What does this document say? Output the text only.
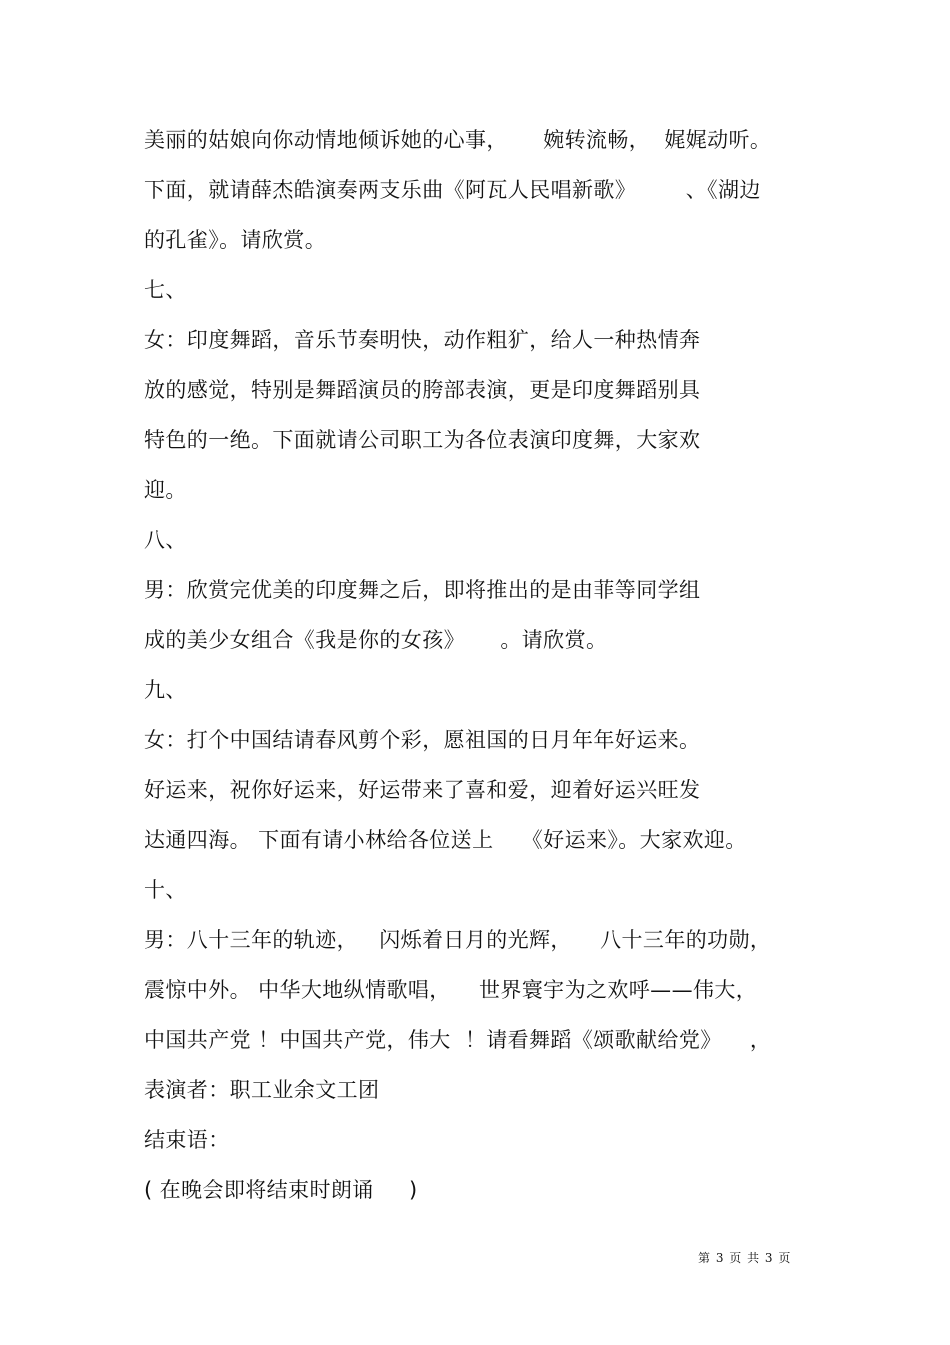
美丽的姑娘向你动情地倾诉她的心事，     婉转流畅，  娓娓动听。
下面，就请薛杰皓演奏两支乐曲《阿瓦人民唱新歌》       、《湖边
的孔雀》。请欣赏。
七、
女：印度舞蹈，音乐节奏明快，动作粗犷，给人一种热情奔
放的感觉，特别是舞蹈演员的胯部表演，更是印度舞蹈别具
特色的一绝。下面就请公司职工为各位表演印度舞，大家欢
迎。
八、
男：欣赏完优美的印度舞之后，即将推出的是由菲等同学组
成的美少女组合《我是你的女孩》     。请欣赏。
九、
女：打个中国结请春风剪个彩，愿祖国的日月年年好运来。
好运来，祝你好运来，好运带来了喜和爱，迎着好运兴旺发
达通四海。 下面有请小林给各位送上    《好运来》。大家欢迎。
十、
男：八十三年的轨迹，   闪烁着日月的光辉，    八十三年的功勋，
震惊中外。 中华大地纵情歌唱，    世界寰宇为之欢呼——伟大，
中国共产党 ！中国共产党，伟大  ！请看舞蹈《颂歌献给党》    ，
表演者：职工业余文工团
结束语：
( 在晚会即将结束时朗诵     )
第 3 页 共 3 页
